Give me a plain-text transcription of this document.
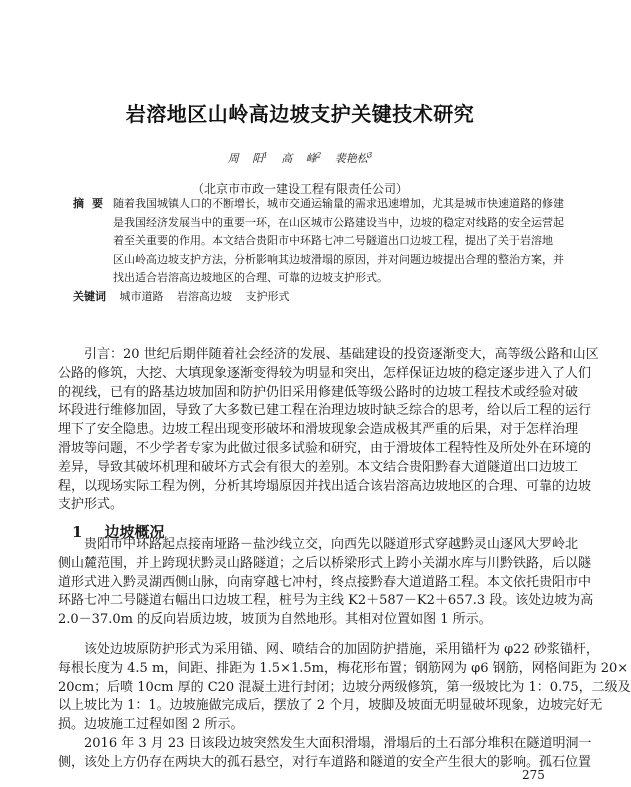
岩溶地区山岭高边坡支护关键技术研究
周 阳$^1$ 高 峰$^2$ 裴艳松$^3$
（北京市市政一建设工程有限责任公司）
摘要 随着我国城镇人口的不断增长，城市交通运输量的需求迅速增加，尤其是城市快速道路的修建
是我国经济发展当中的重要一环，在山区城市公路建设当中，边坡的稳定对线路的安全运营起
着至关重要的作用。本文结合贵阳市中环路七冲二号隧道出口边坡工程，提出了关于岩溶地
区山岭高边坡支护方法，分析影响其边坡滑塌的原因，并对问题边坡提出合理的整治方案，并
找出适合岩溶高边坡地区的合理、可靠的边坡支护形式。
关键词 城市道路 岩溶高边坡 支护形式
　　引言：20 世纪后期伴随着社会经济的发展、基础建设的投资逐渐变大，高等级公路和山区
公路的修筑，大挖、大填现象逐渐变得较为明显和突出，怎样保证边坡的稳定逐步进入了人们
的视线，已有的路基边坡加固和防护仍旧采用修建低等级公路时的边坡工程技术或经验对破
坏段进行维修加固，导致了大多数已建工程在治理边坡时缺乏综合的思考，给以后工程的运行
埋下了安全隐患。边坡工程出现变形破坏和滑坡现象会造成极其严重的后果，对于怎样治理
滑坡等问题，不少学者专家为此做过很多试验和研究，由于滑坡体工程特性及所处外在环境的
差异，导致其破坏机理和破坏方式会有很大的差别。本文结合贵阳黔春大道隧道出口边坡工
程，以现场实际工程为例，分析其垮塌原因并找出适合该岩溶高边坡地区的合理、可靠的边坡
支护形式。
1 边坡概况
　　贵阳市中环路起点接南垭路－盐沙线立交，向西先以隧道形式穿越黔灵山逐风大罗岭北
侧山麓范围，并上跨现状黔灵山路隧道；之后以桥梁形式上跨小关湖水库与川黔铁路，后以隧
道形式进入黔灵湖西侧山脉，向南穿越七冲村，终点接黔春大道道路工程。本文依托贵阳市中
环路七冲二号隧道右幅出口边坡工程，桩号为主线 K2＋587－K2＋657.3 段。该处边坡为高
2.0－37.0m 的反向岩质边坡，坡顶为自然地形。其相对位置如图 1 所示。
　　该处边坡原防护形式为采用锚、网、喷结合的加固防护措施，采用锚杆为 φ22 砂浆锚杆，
每根长度为 4.5 m，间距、排距为 1.5×1.5m，梅花形布置；钢筋网为 φ6 钢筋，网格间距为 20×
20cm；后喷 10cm 厚的 C20 混凝土进行封闭；边坡分两级修筑，第一级坡比为 1：0.75，二级及
以上坡比为 1：1。边坡施做完成后，摆放了 2 个月，坡脚及坡面无明显破坏现象，边坡完好无
损。边坡施工过程如图 2 所示。
　　2016 年 3 月 23 日该段边坡突然发生大面积滑塌，滑塌后的土石部分堆积在隧道明洞一
侧，该处上方仍存在两块大的孤石悬空，对行车道路和隧道的安全产生很大的影响。孤石位置
275
